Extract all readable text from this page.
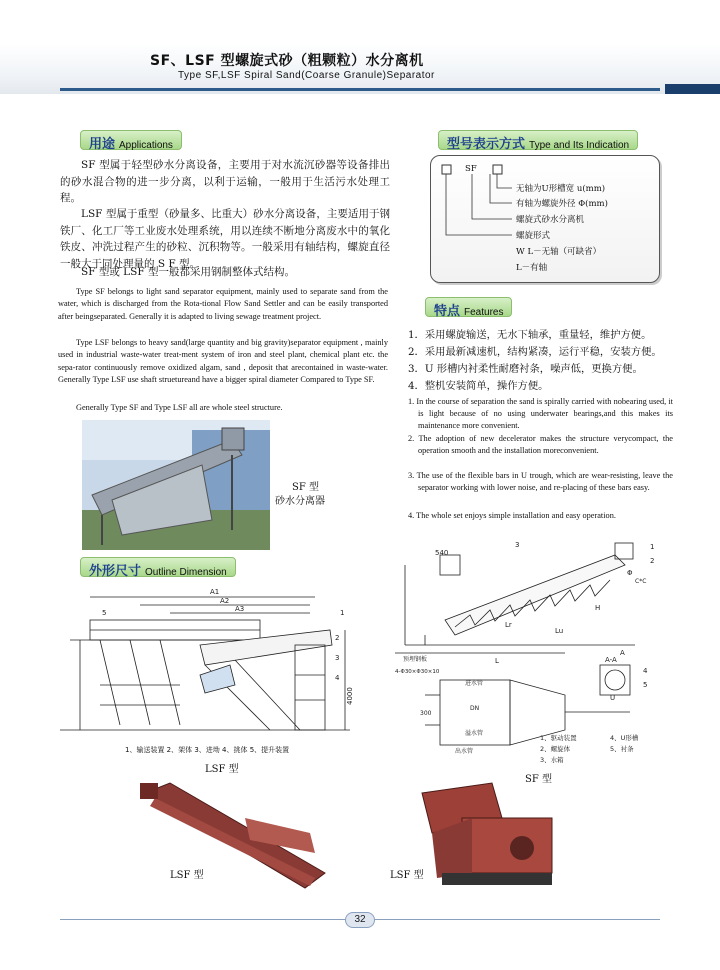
SF、LSF 型螺旋式砂（粗颗粒）水分离机
Type SF,LSF Spiral Sand(Coarse Granule)Separator
用途 Applications
SF 型属于轻型砂水分离设备，主要用于对水流沉砂器等设备排出的砂水混合物的进一步分离，以利于运输，一般用于生活污水处理工程。
LSF 型属于重型（砂量多、比重大）砂水分离设备，主要适用于钢铁厂、化工厂等工业废水处理系统，用以连续不断地分离废水中的氧化铁皮、冲洗过程产生的砂粒、沉积物等。一般采用有轴结构，螺旋直径一般大于同处理量的 S F 型。
SF 型或 LSF 型一般都采用钢制整体式结构。
Type SF belongs to light sand separator equipment, mainly used to separate sand from the water, which is discharged from the Rota-tional Flow Sand Settler and can be easily transported after beingseparated. Generally it is adapted to living sewage treatment project.
Type LSF belongs to heavy sand(large quantity and big gravity)separator equipment , mainly used in industrial waste-water treat-ment system of iron and steel plant, chemical plant etc. the sepa-rator continuously remove oxidized algam, sand , deposit that arecontained in waste-water. Generally Type LSF use shaft struetureand have a bigger spiral diameter Compared to Type SF.
Generally Type SF and Type LSF all are whole steel structure.
SF 型
砂水分离器
型号表示方式 Type and Its Indication
SF
无轴为U形槽宽 u(mm)
有轴为螺旋外径 Φ(mm)
螺旋式砂水分离机
螺旋形式
W L－无轴（可缺省）
L－有轴
特点 Features
1．采用螺旋输送，无水下轴承，重量轻，维护方便。
2．采用最新减速机，结构紧凑，运行平稳，安装方便。
3．U 形槽内衬柔性耐磨衬条，噪声低，更换方便。
4．整机安装简单，操作方便。
1. In the course of separation the sand is spirally carried with nobearing used, it is light because of no using underwater bearings,and this makes its maintenance more convenient.
2. The adoption of new decelerator makes the structure verycompact, the operation smooth and the installation moreconvenient.
3. The use of the flexible bars in U trough, which are wear-resisting, leave the separator working with lower noise, and re-placing of these bars easy.
4. The whole set enjoys simple installation and easy operation.
外形尺寸 Outline Dimension
A1
A2
A3
5	1
2
3
4
4000
1、输送装置 2、架体 3、进坳 4、挑体 5、提升装置
LSF 型
540
3	1
2
C*C
L
A
A-A
U
4
5
DN
300
进水管
出水管
溢水管
H
Lu
Lr
Φ
预埋钢板
4-Φ30×Φ30×10
1、驱动装置	4、U形槽
2、螺旋体	5、衬条
3、水箱
SF 型
LSF 型	LSF 型
32
